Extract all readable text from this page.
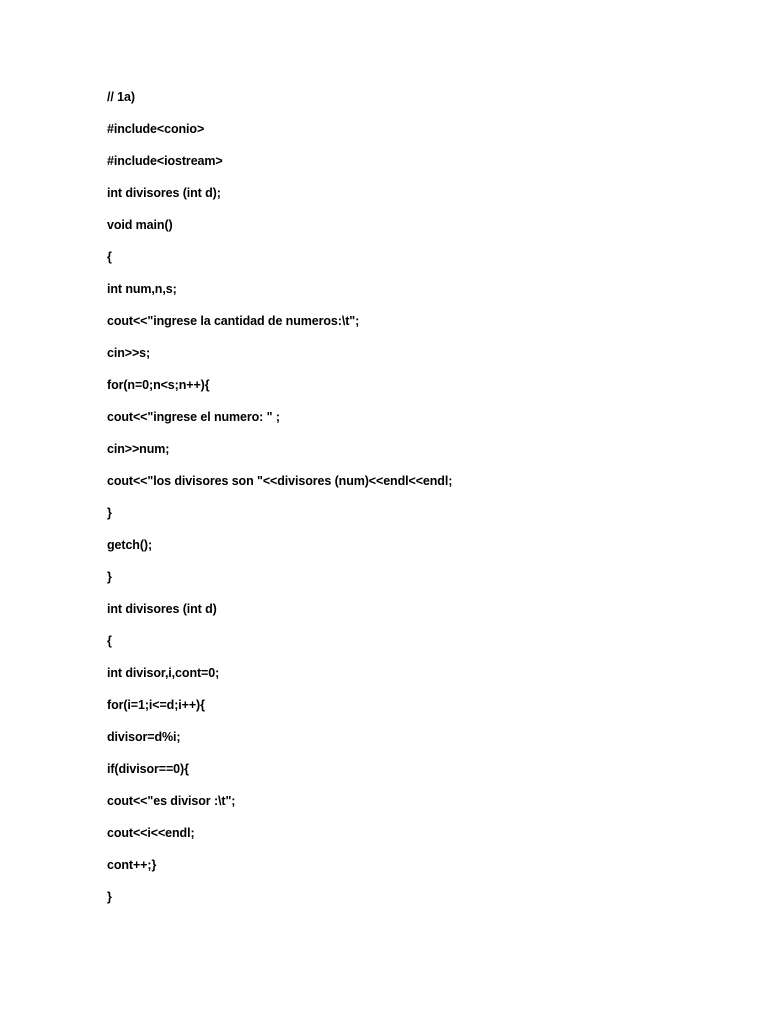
// 1a)
#include<conio>
#include<iostream>
int divisores (int d);
void main()
{
int num,n,s;
cout<<"ingrese la cantidad de numeros:\t";
cin>>s;
for(n=0;n<s;n++){
cout<<"ingrese el numero: " ;
cin>>num;
cout<<"los divisores son "<<divisores (num)<<endl<<endl;
}
getch();
}
int divisores (int d)
{
int divisor,i,cont=0;
for(i=1;i<=d;i++){
divisor=d%i;
if(divisor==0){
cout<<"es divisor :\t";
cout<<i<<endl;
cont++;}
}
